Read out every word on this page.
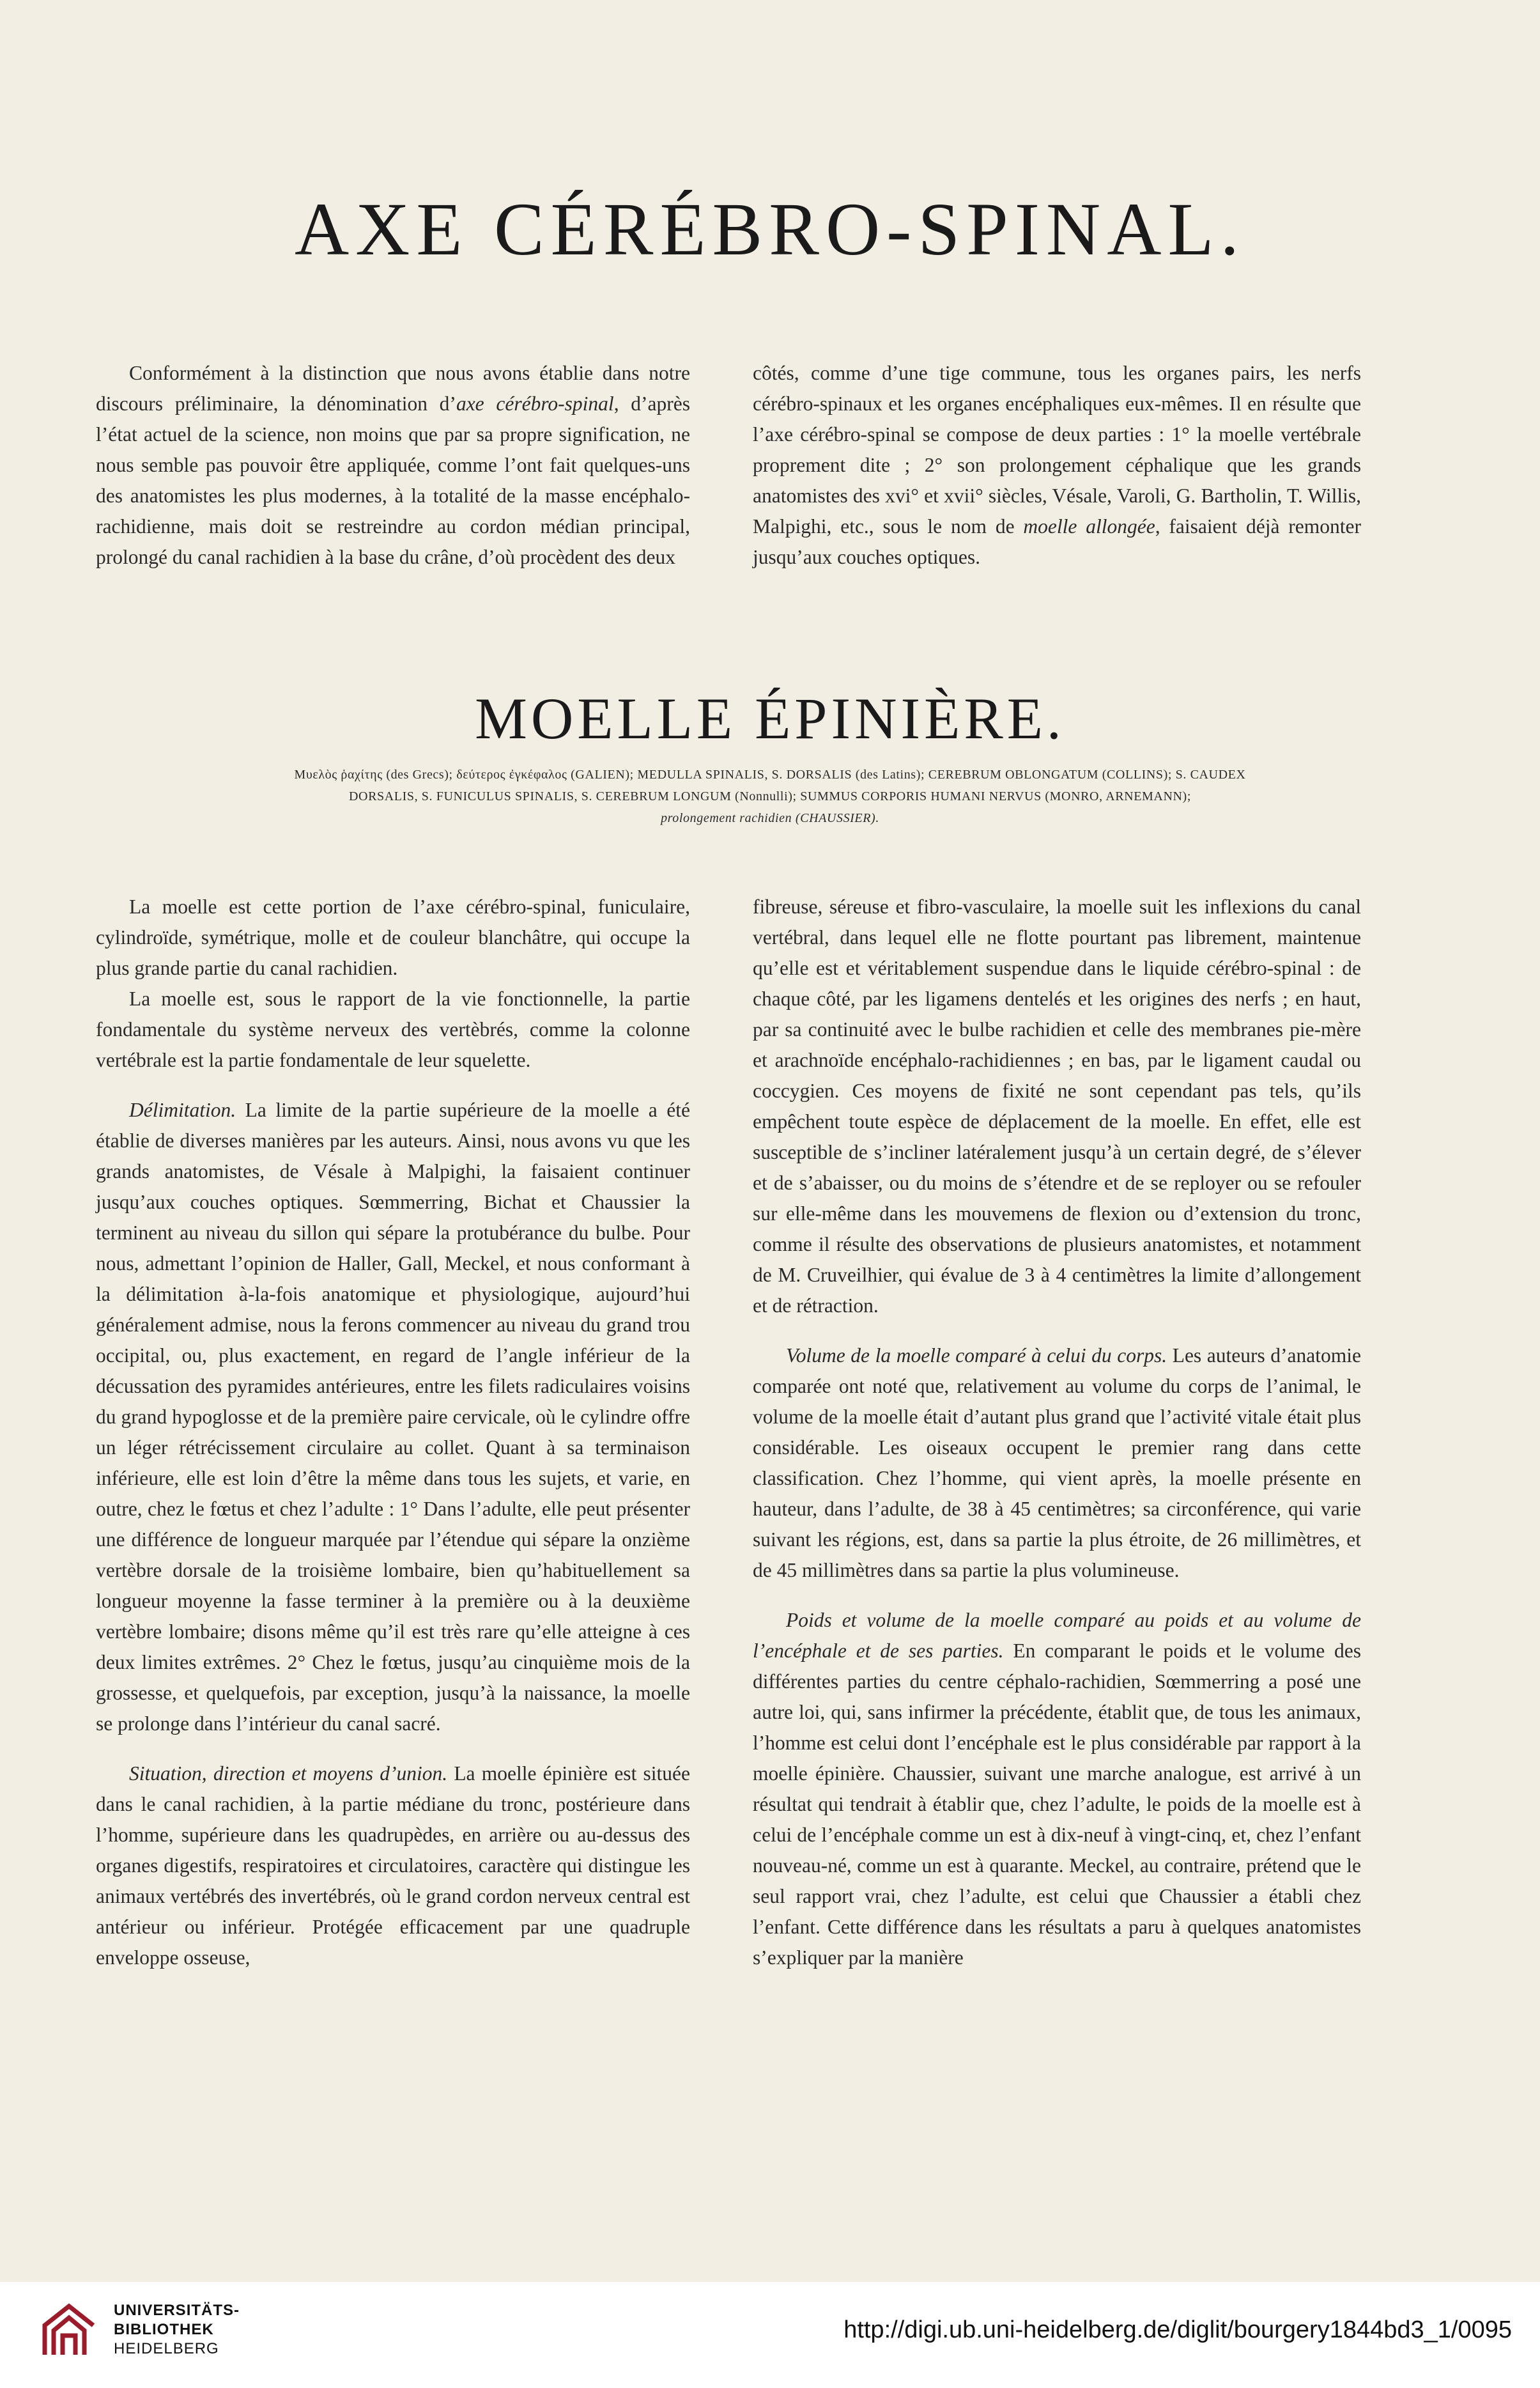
AXE CÉRÉBRO-SPINAL.

Conformément à la distinction que nous avons établie dans notre discours préliminaire, la dénomination d’axe cérébro-spinal, d’après l’état actuel de la science, non moins que par sa propre signification, ne nous semble pas pouvoir être appliquée, comme l’ont fait quelques-uns des anatomistes les plus modernes, à la totalité de la masse encéphalo-rachidienne, mais doit se restreindre au cordon médian principal, prolongé du canal rachidien à la base du crâne, d’où procèdent des deux

côtés, comme d’une tige commune, tous les organes pairs, les nerfs cérébro-spinaux et les organes encéphaliques eux-mêmes. Il en résulte que l’axe cérébro-spinal se compose de deux parties : 1° la moelle vertébrale proprement dite ; 2° son prolongement céphalique que les grands anatomistes des xvi° et xvii° siècles, Vésale, Varoli, G. Bartholin, T. Willis, Malpighi, etc., sous le nom de moelle allongée, faisaient déjà remonter jusqu’aux couches optiques.

MOELLE ÉPINIÈRE.
Μυελὸς ῥαχίτης (des Grecs); δεύτερος ἐγκέφαλος (GALIEN); MEDULLA SPINALIS, S. DORSALIS (des Latins); CEREBRUM OBLONGATUM (COLLINS); S. CAUDEX
DORSALIS, S. FUNICULUS SPINALIS, S. CEREBRUM LONGUM (Nonnulli); SUMMUS CORPORIS HUMANI NERVUS (MONRO, ARNEMANN);
prolongement rachidien (CHAUSSIER).

La moelle est cette portion de l’axe cérébro-spinal, funiculaire, cylindroïde, symétrique, molle et de couleur blanchâtre, qui occupe la plus grande partie du canal rachidien.

La moelle est, sous le rapport de la vie fonctionnelle, la partie fondamentale du système nerveux des vertèbrés, comme la colonne vertébrale est la partie fondamentale de leur squelette.

Délimitation. La limite de la partie supérieure de la moelle a été établie de diverses manières par les auteurs. Ainsi, nous avons vu que les grands anatomistes, de Vésale à Malpighi, la faisaient continuer jusqu’aux couches optiques. Sœmmerring, Bichat et Chaussier la terminent au niveau du sillon qui sépare la protubérance du bulbe. Pour nous, admettant l’opinion de Haller, Gall, Meckel, et nous conformant à la délimitation à-la-fois anatomique et physiologique, aujourd’hui généralement admise, nous la ferons commencer au niveau du grand trou occipital, ou, plus exactement, en regard de l’angle inférieur de la décussation des pyramides antérieures, entre les filets radiculaires voisins du grand hypoglosse et de la première paire cervicale, où le cylindre offre un léger rétrécissement circulaire au collet. Quant à sa terminaison inférieure, elle est loin d’être la même dans tous les sujets, et varie, en outre, chez le fœtus et chez l’adulte : 1° Dans l’adulte, elle peut présenter une différence de longueur marquée par l’étendue qui sépare la onzième vertèbre dorsale de la troisième lombaire, bien qu’habituellement sa longueur moyenne la fasse terminer à la première ou à la deuxième vertèbre lombaire; disons même qu’il est très rare qu’elle atteigne à ces deux limites extrêmes. 2° Chez le fœtus, jusqu’au cinquième mois de la grossesse, et quelquefois, par exception, jusqu’à la naissance, la moelle se prolonge dans l’intérieur du canal sacré.

Situation, direction et moyens d’union. La moelle épinière est située dans le canal rachidien, à la partie médiane du tronc, postérieure dans l’homme, supérieure dans les quadrupèdes, en arrière ou au-dessus des organes digestifs, respiratoires et circulatoires, caractère qui distingue les animaux vertébrés des invertébrés, où le grand cordon nerveux central est antérieur ou inférieur. Protégée efficacement par une quadruple enveloppe osseuse,

fibreuse, séreuse et fibro-vasculaire, la moelle suit les inflexions du canal vertébral, dans lequel elle ne flotte pourtant pas librement, maintenue qu’elle est et véritablement suspendue dans le liquide cérébro-spinal : de chaque côté, par les ligamens dentelés et les origines des nerfs ; en haut, par sa continuité avec le bulbe rachidien et celle des membranes pie-mère et arachnoïde encéphalo-rachidiennes ; en bas, par le ligament caudal ou coccygien. Ces moyens de fixité ne sont cependant pas tels, qu’ils empêchent toute espèce de déplacement de la moelle. En effet, elle est susceptible de s’incliner latéralement jusqu’à un certain degré, de s’élever et de s’abaisser, ou du moins de s’étendre et de se reployer ou se refouler sur elle-même dans les mouvemens de flexion ou d’extension du tronc, comme il résulte des observations de plusieurs anatomistes, et notamment de M. Cruveilhier, qui évalue de 3 à 4 centimètres la limite d’allongement et de rétraction.

Volume de la moelle comparé à celui du corps. Les auteurs d’anatomie comparée ont noté que, relativement au volume du corps de l’animal, le volume de la moelle était d’autant plus grand que l’activité vitale était plus considérable. Les oiseaux occupent le premier rang dans cette classification. Chez l’homme, qui vient après, la moelle présente en hauteur, dans l’adulte, de 38 à 45 centimètres; sa circonférence, qui varie suivant les régions, est, dans sa partie la plus étroite, de 26 millimètres, et de 45 millimètres dans sa partie la plus volumineuse.

Poids et volume de la moelle comparé au poids et au volume de l’encéphale et de ses parties. En comparant le poids et le volume des différentes parties du centre céphalo-rachidien, Sœmmerring a posé une autre loi, qui, sans infirmer la précédente, établit que, de tous les animaux, l’homme est celui dont l’encéphale est le plus considérable par rapport à la moelle épinière. Chaussier, suivant une marche analogue, est arrivé à un résultat qui tendrait à établir que, chez l’adulte, le poids de la moelle est à celui de l’encéphale comme un est à dix-neuf à vingt-cinq, et, chez l’enfant nouveau-né, comme un est à quarante. Meckel, au contraire, prétend que le seul rapport vrai, chez l’adulte, est celui que Chaussier a établi chez l’enfant. Cette différence dans les résultats a paru à quelques anatomistes s’expliquer par la manière

UNIVERSITÄTS-
BIBLIOTHEK
HEIDELBERG
http://digi.ub.uni-heidelberg.de/diglit/bourgery1844bd3_1/0095
